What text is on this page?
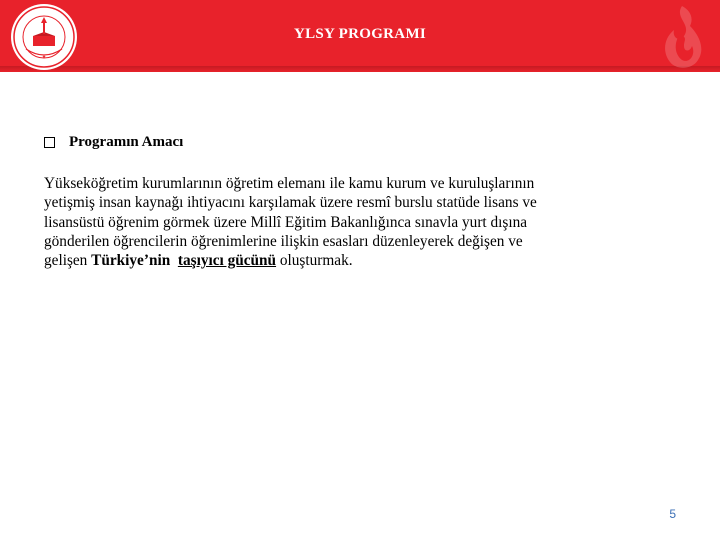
★
YLSY PROGRAMI
Programın Amacı
Yükseköğretim kurumlarının öğretim elemanı ile kamu kurum ve kuruluşlarının
yetişmiş insan kaynağı ihtiyacını karşılamak üzere resmî burslu statüde lisans ve
lisansüstü öğrenim görmek üzere Millî Eğitim Bakanlığınca sınavla yurt dışına
gönderilen öğrencilerin öğrenimlerine ilişkin esasları düzenleyerek değişen ve
gelişen Türkiye’nin taşıyıcı gücünü oluşturmak.
5
